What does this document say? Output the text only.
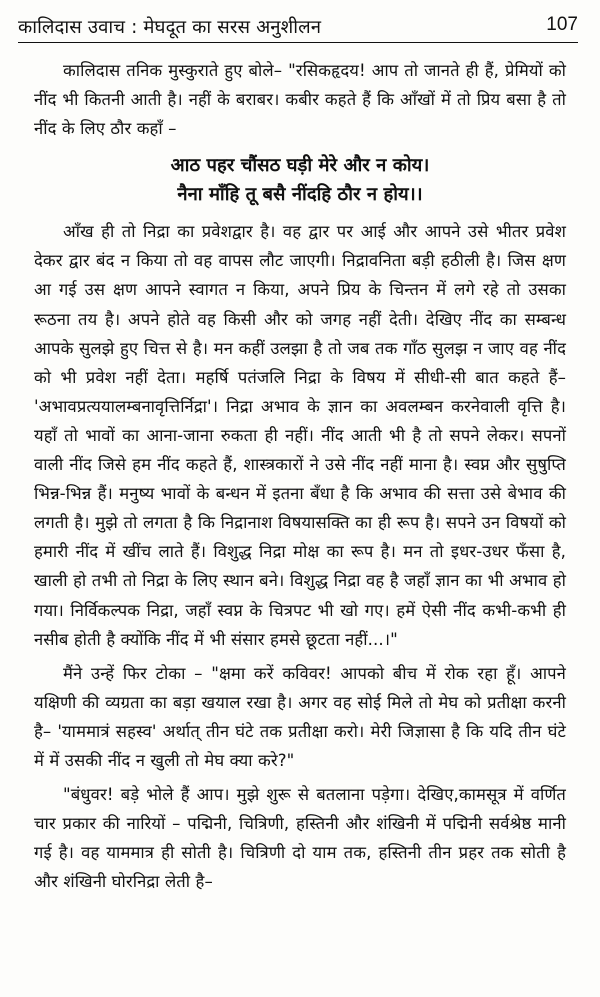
कालिदास उवाच : मेघदूत का सरस अनुशीलन	107

कालिदास तनिक मुस्कुराते हुए बोले– "रसिकहृदय! आप तो जानते ही हैं, प्रेमियों को नींद भी कितनी आती है। नहीं के बराबर। कबीर कहते हैं कि आँखों में तो प्रिय बसा है तो नींद के लिए ठौर कहाँ –

आठ पहर चौंसठ घड़ी मेरे और न कोय।
नैना माँहि तू बसै नींदहि ठौर न होय।।

आँख ही तो निद्रा का प्रवेशद्वार है। वह द्वार पर आई और आपने उसे भीतर प्रवेश देकर द्वार बंद न किया तो वह वापस लौट जाएगी। निद्रावनिता बड़ी हठीली है। जिस क्षण आ गई उस क्षण आपने स्वागत न किया, अपने प्रिय के चिन्तन में लगे रहे तो उसका रूठना तय है। अपने होते वह किसी और को जगह नहीं देती। देखिए नींद का सम्बन्ध आपके सुलझे हुए चित्त से है। मन कहीं उलझा है तो जब तक गाँठ सुलझ न जाए वह नींद को भी प्रवेश नहीं देता। महर्षि पतंजलि निद्रा के विषय में सीधी-सी बात कहते हैं– 'अभावप्रत्ययालम्बनावृत्तिर्निद्रा'। निद्रा अभाव के ज्ञान का अवलम्बन करनेवाली वृत्ति है। यहाँ तो भावों का आना-जाना रुकता ही नहीं। नींद आती भी है तो सपने लेकर। सपनों वाली नींद जिसे हम नींद कहते हैं, शास्त्रकारों ने उसे नींद नहीं माना है। स्वप्न और सुषुप्ति भिन्न-भिन्न हैं। मनुष्य भावों के बन्धन में इतना बँधा है कि अभाव की सत्ता उसे बेभाव की लगती है। मुझे तो लगता है कि निद्रानाश विषयासक्ति का ही रूप है। सपने उन विषयों को हमारी नींद में खींच लाते हैं। विशुद्ध निद्रा मोक्ष का रूप है। मन तो इधर-उधर फँसा है, खाली हो तभी तो निद्रा के लिए स्थान बने। विशुद्ध निद्रा वह है जहाँ ज्ञान का भी अभाव हो गया। निर्विकल्पक निद्रा, जहाँ स्वप्न के चित्रपट भी खो गए। हमें ऐसी नींद कभी-कभी ही नसीब होती है क्योंकि नींद में भी संसार हमसे छूटता नहीं...।"

मैंने उन्हें फिर टोका – "क्षमा करें कविवर! आपको बीच में रोक रहा हूँ। आपने यक्षिणी की व्यग्रता का बड़ा खयाल रखा है। अगर वह सोई मिले तो मेघ को प्रतीक्षा करनी है– 'याममात्रं सहस्व' अर्थात् तीन घंटे तक प्रतीक्षा करो। मेरी जिज्ञासा है कि यदि तीन घंटे में में उसकी नींद न खुली तो मेघ क्या करे?"

"बंधुवर! बड़े भोले हैं आप। मुझे शुरू से बतलाना पड़ेगा। देखिए,कामसूत्र में वर्णित चार प्रकार की नारियों – पद्मिनी, चित्रिणी, हस्तिनी और शंखिनी में पद्मिनी सर्वश्रेष्ठ मानी गई है। वह याममात्र ही सोती है। चित्रिणी दो याम तक, हस्तिनी तीन प्रहर तक सोती है और शंखिनी घोरनिद्रा लेती है–
